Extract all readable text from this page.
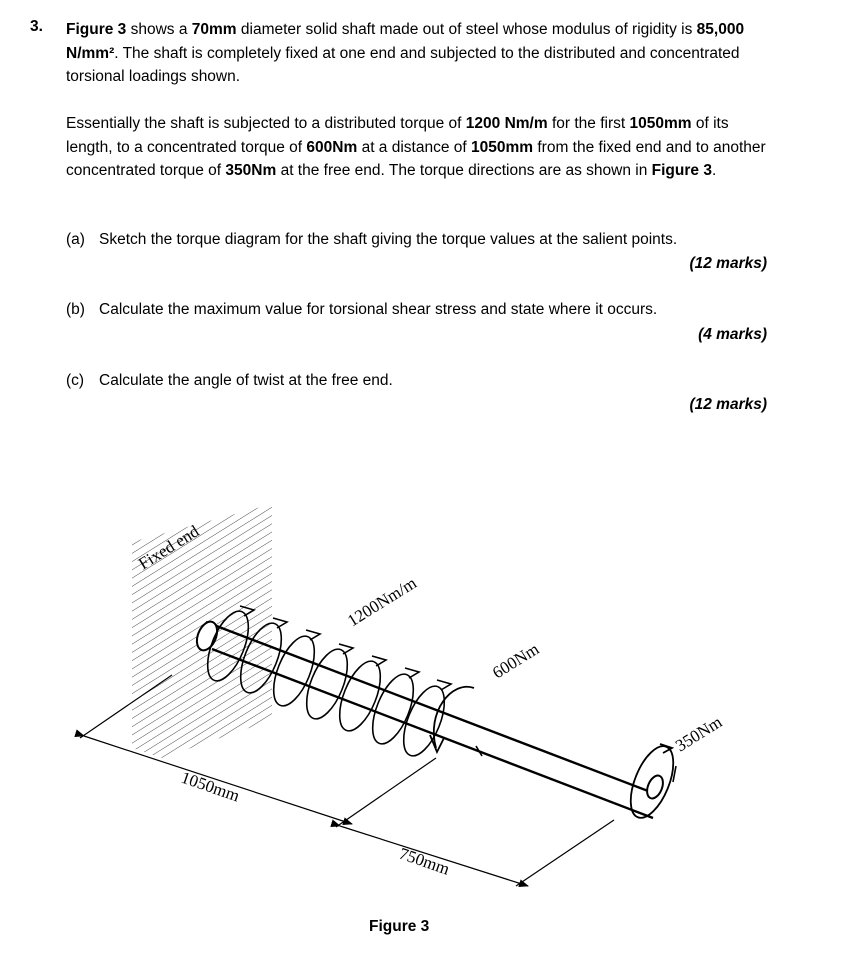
3. Figure 3 shows a 70mm diameter solid shaft made out of steel whose modulus of rigidity is 85,000 N/mm². The shaft is completely fixed at one end and subjected to the distributed and concentrated torsional loadings shown.
Essentially the shaft is subjected to a distributed torque of 1200 Nm/m for the first 1050mm of its length, to a concentrated torque of 600Nm at a distance of 1050mm from the fixed end and to another concentrated torque of 350Nm at the free end. The torque directions are as shown in Figure 3.
(a) Sketch the torque diagram for the shaft giving the torque values at the salient points.
(12 marks)
(b) Calculate the maximum value for torsional shear stress and state where it occurs.
(4 marks)
(c) Calculate the angle of twist at the free end.
(12 marks)
Fixed end
1200Nm/m
600Nm
350Nm
1050mm
750mm
Figure 3
